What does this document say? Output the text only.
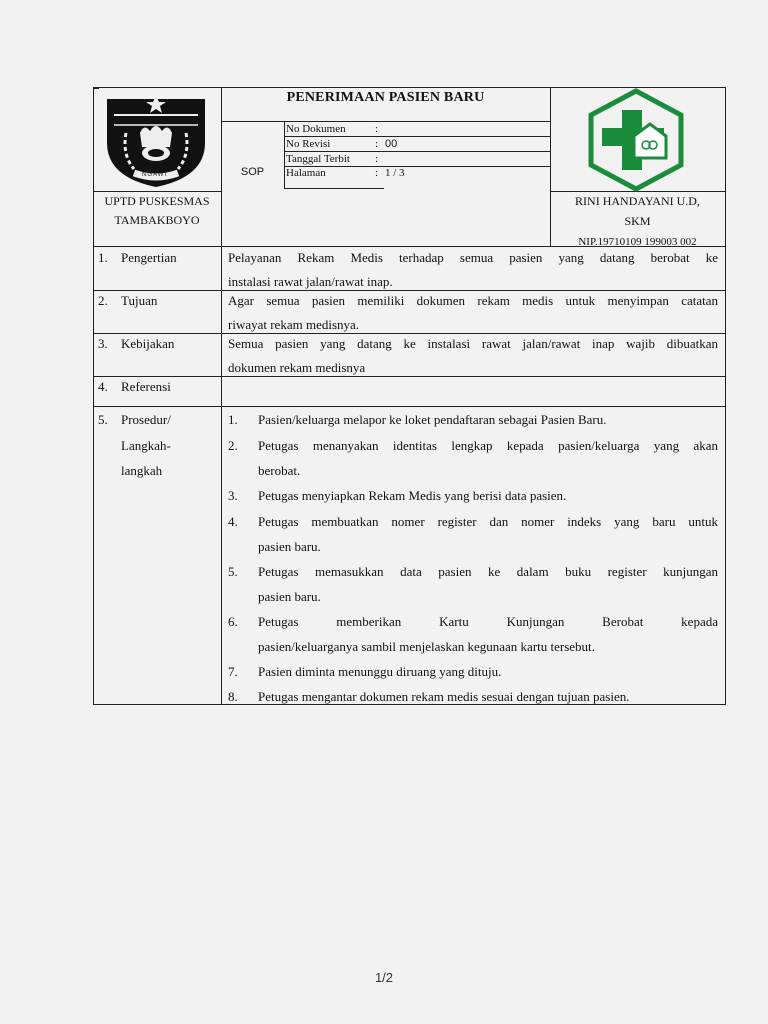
NGAWI
PENERIMAAN PASIEN BARU
SOP
No Dokumen	:
No Revisi	: 00
Tanggal Terbit :
Halaman	: 1 / 3
UPTD PUSKESMAS
TAMBAKBOYO
RINI HANDAYANI U.D,
SKM
NIP.19710109 199003 002
1. Pengertian	Pelayanan Rekam Medis terhadap semua pasien yang datang berobat ke
instalasi rawat jalan/rawat inap.
2. Tujuan	Agar semua pasien memiliki dokumen rekam medis untuk menyimpan catatan
riwayat rekam medisnya.
3. Kebijakan	Semua pasien yang datang ke instalasi rawat jalan/rawat inap wajib dibuatkan
dokumen rekam medisnya
4. Referensi
5. Prosedur/
Langkah-
langkah
1. Pasien/keluarga melapor ke loket pendaftaran sebagai Pasien Baru.
2. Petugas menanyakan identitas lengkap kepada pasien/keluarga yang akan
berobat.
3. Petugas menyiapkan Rekam Medis yang berisi data pasien.
4. Petugas membuatkan nomer register dan nomer indeks yang baru untuk
pasien baru.
5. Petugas memasukkan data pasien ke dalam buku register kunjungan
pasien baru.
6. Petugas memberikan Kartu Kunjungan Berobat kepada
pasien/keluarganya sambil menjelaskan kegunaan kartu tersebut.
7. Pasien diminta menunggu diruang yang dituju.
8. Petugas mengantar dokumen rekam medis sesuai dengan tujuan pasien.
1/2
